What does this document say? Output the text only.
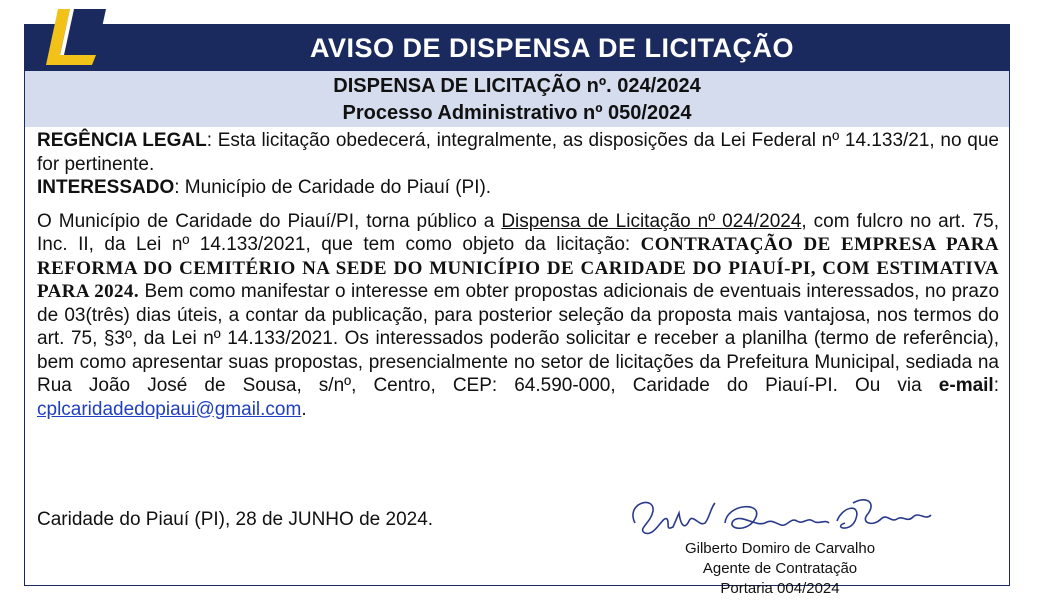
AVISO DE DISPENSA DE LICITAÇÃO
DISPENSA DE LICITAÇÃO nº. 024/2024
Processo Administrativo nº 050/2024

REGÊNCIA LEGAL: Esta licitação obedecerá, integralmente, as disposições da Lei Federal nº 14.133/21, no que for pertinente.

INTERESSADO: Município de Caridade do Piauí (PI).

O Município de Caridade do Piauí/PI, torna público a Dispensa de Licitação nº 024/2024, com fulcro no art. 75, Inc. II, da Lei nº 14.133/2021, que tem como objeto da licitação: CONTRATAÇÃO DE EMPRESA PARA REFORMA DO CEMITÉRIO NA SEDE DO MUNICÍPIO DE CARIDADE DO PIAUÍ-PI, COM ESTIMATIVA PARA 2024. Bem como manifestar o interesse em obter propostas adicionais de eventuais interessados, no prazo de 03(três) dias úteis, a contar da publicação, para posterior seleção da proposta mais vantajosa, nos termos do art. 75, §3º, da Lei nº 14.133/2021. Os interessados poderão solicitar e receber a planilha (termo de referência), bem como apresentar suas propostas, presencialmente no setor de licitações da Prefeitura Municipal, sediada na Rua João José de Sousa, s/nº, Centro, CEP: 64.590-000, Caridade do Piauí-PI. Ou via e-mail: cplcaridadedopiaui@gmail.com.

Caridade do Piauí (PI), 28 de JUNHO de 2024.
Gilberto Domiro de Carvalho
Agente de Contratação
Portaria 004/2024
